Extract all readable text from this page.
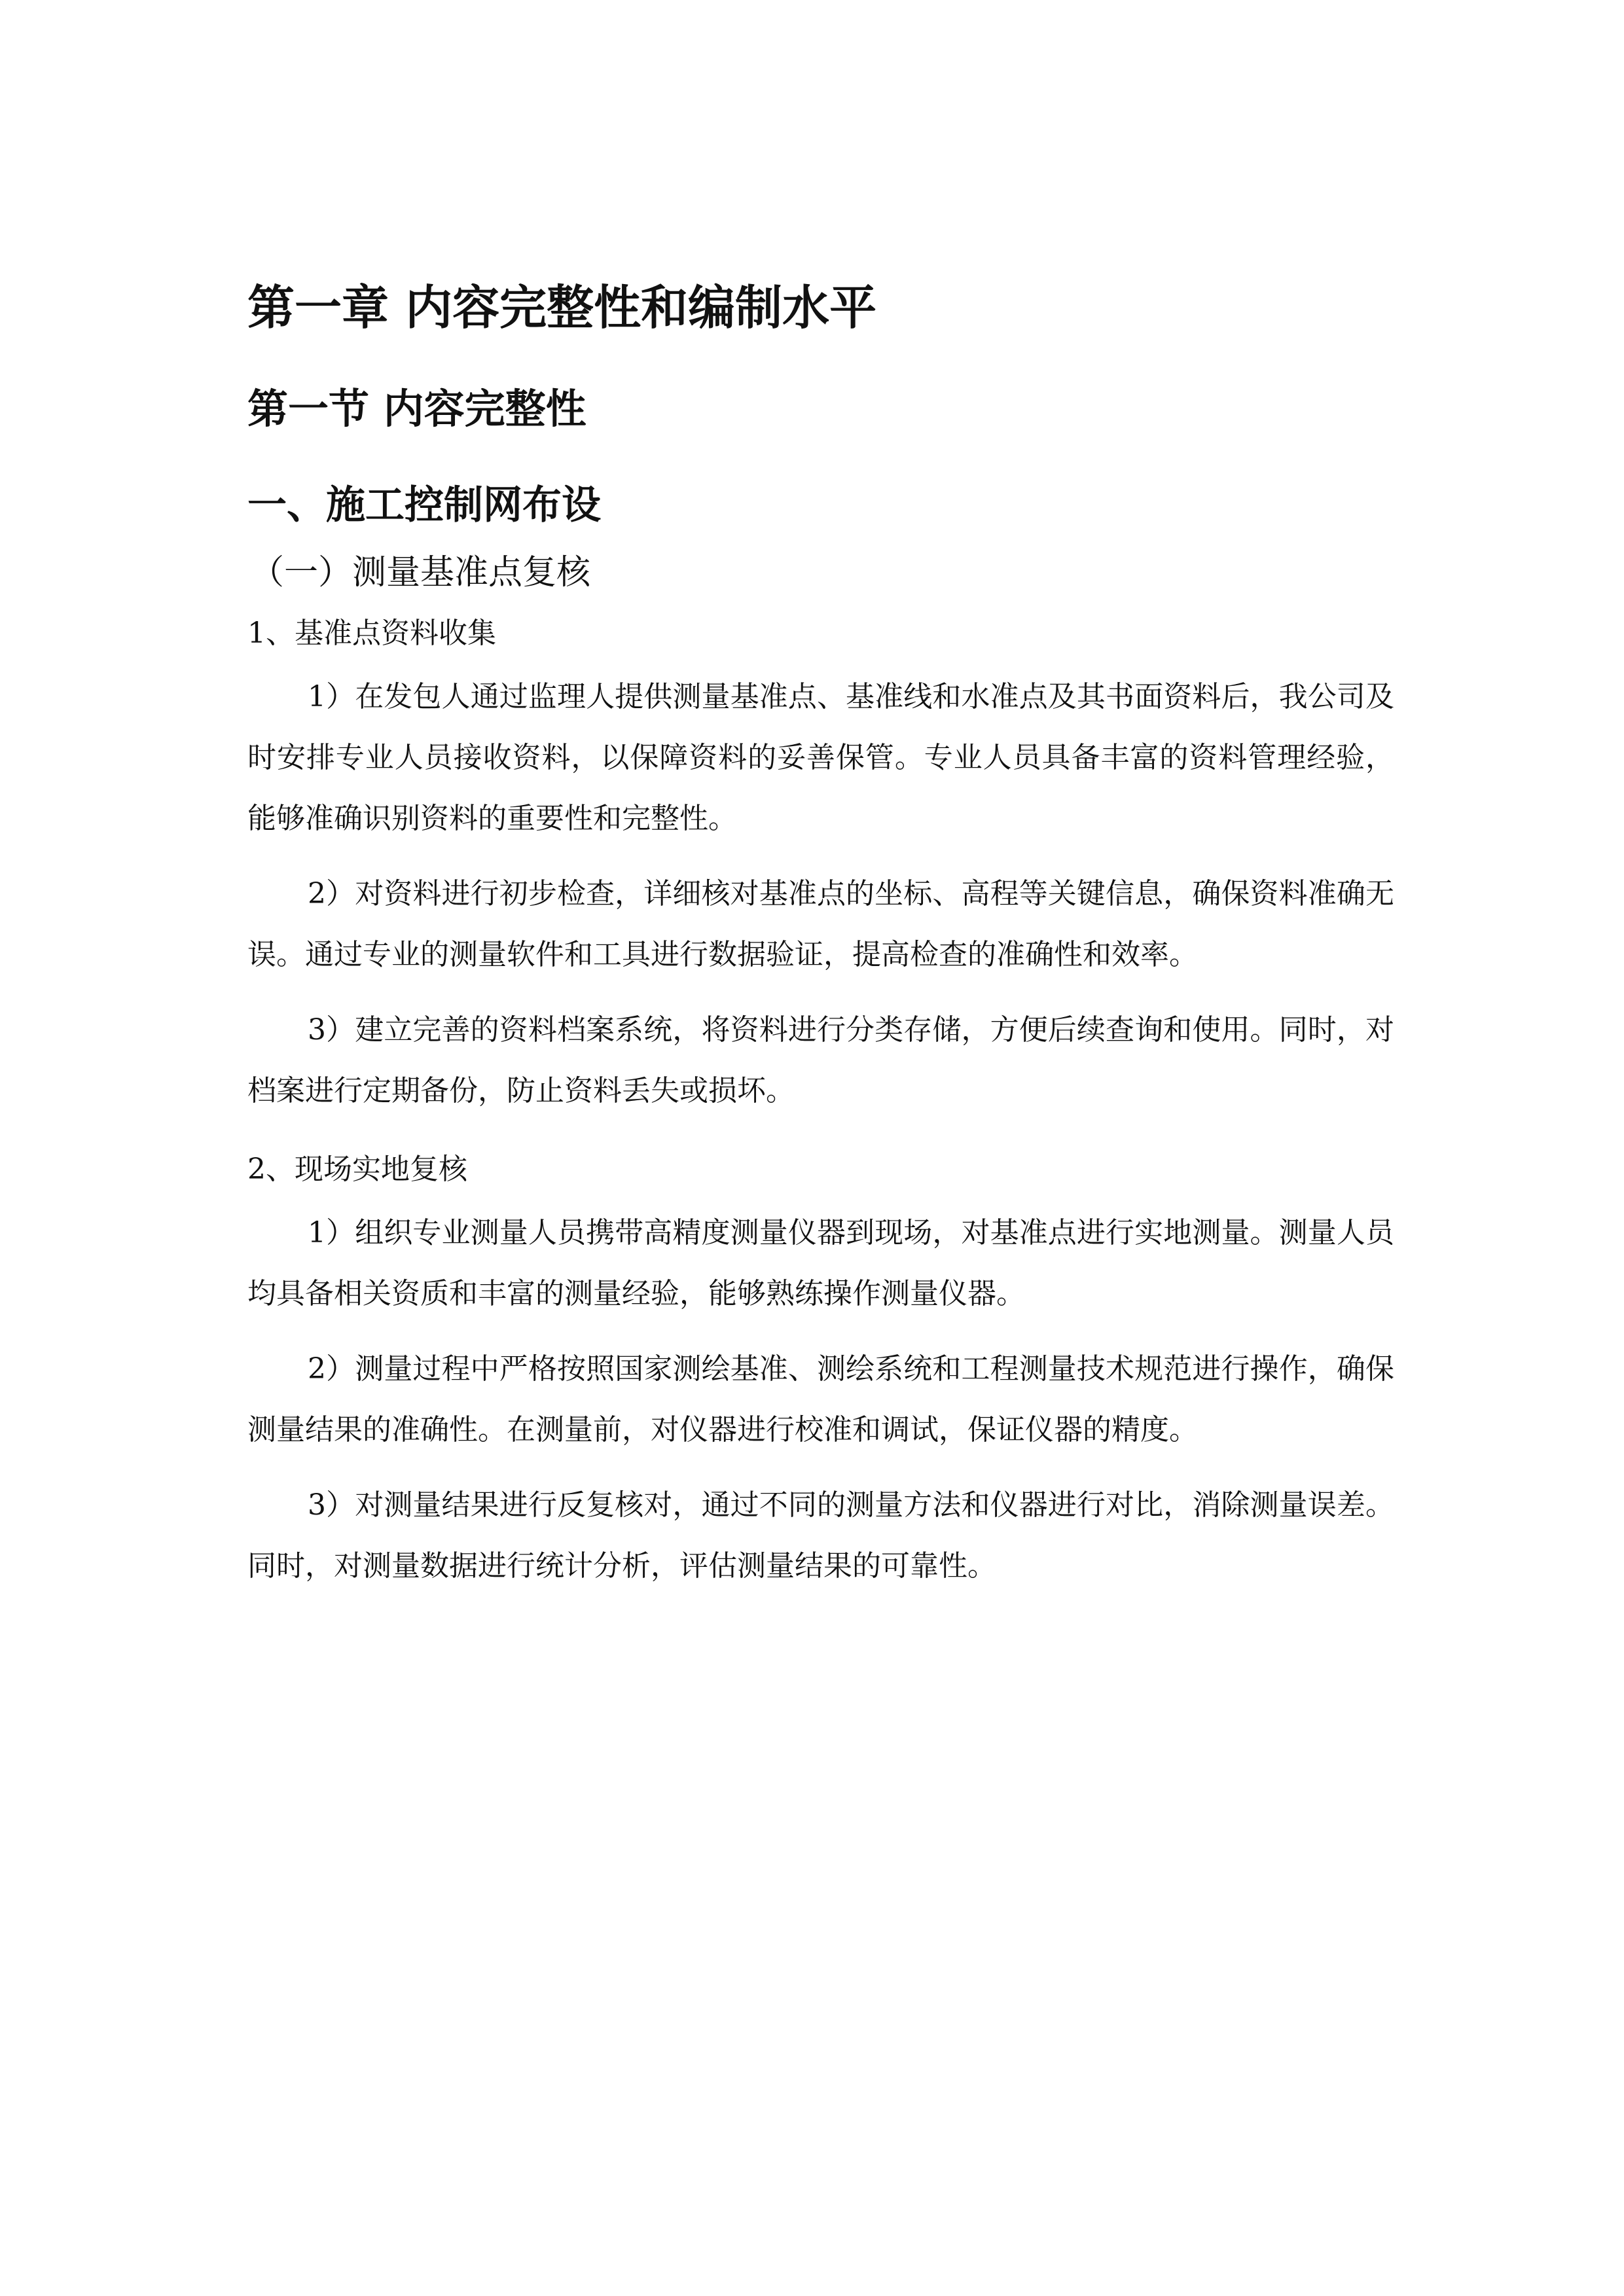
第一章 内容完整性和编制水平
第一节 内容完整性
一、施工控制网布设
（一）测量基准点复核
1、基准点资料收集

1）在发包人通过监理人提供测量基准点、基准线和水准点及其书面资料后，我公司及时安排专业人员接收资料，以保障资料的妥善保管。专业人员具备丰富的资料管理经验，能够准确识别资料的重要性和完整性。

2）对资料进行初步检查，详细核对基准点的坐标、高程等关键信息，确保资料准确无误。通过专业的测量软件和工具进行数据验证，提高检查的准确性和效率。

3）建立完善的资料档案系统，将资料进行分类存储，方便后续查询和使用。同时，对档案进行定期备份，防止资料丢失或损坏。

2、现场实地复核

1）组织专业测量人员携带高精度测量仪器到现场，对基准点进行实地测量。测量人员均具备相关资质和丰富的测量经验，能够熟练操作测量仪器。

2）测量过程中严格按照国家测绘基准、测绘系统和工程测量技术规范进行操作，确保测量结果的准确性。在测量前，对仪器进行校准和调试，保证仪器的精度。

3）对测量结果进行反复核对，通过不同的测量方法和仪器进行对比，消除测量误差。同时，对测量数据进行统计分析，评估测量结果的可靠性。
